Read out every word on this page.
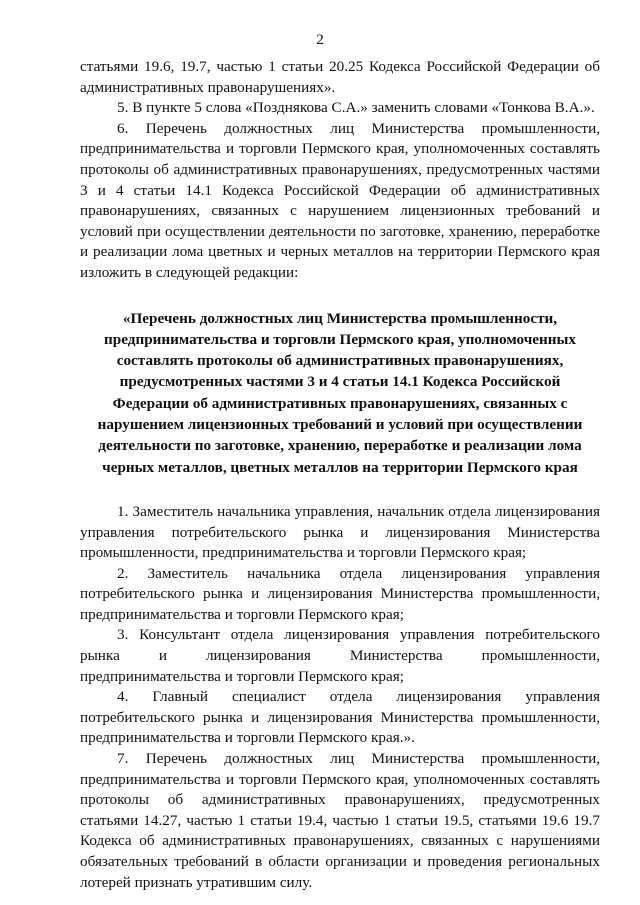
2

статьями 19.6, 19.7, частью 1 статьи 20.25 Кодекса Российской Федерации об административных правонарушениях».

5. В пункте 5 слова «Позднякова С.А.» заменить словами «Тонкова В.А.».

6. Перечень должностных лиц Министерства промышленности, предпринимательства и торговли Пермского края, уполномоченных составлять протоколы об административных правонарушениях, предусмотренных частями 3 и 4 статьи 14.1 Кодекса Российской Федерации об административных правонарушениях, связанных с нарушением лицензионных требований и условий при осуществлении деятельности по заготовке, хранению, переработке и реализации лома цветных и черных металлов на территории Пермского края изложить в следующей редакции:

«Перечень должностных лиц Министерства промышленности,
предпринимательства и торговли Пермского края, уполномоченных
составлять протоколы об административных правонарушениях,
предусмотренных частями 3 и 4 статьи 14.1 Кодекса Российской
Федерации об административных правонарушениях, связанных с
нарушением лицензионных требований и условий при осуществлении
деятельности по заготовке, хранению, переработке и реализации лома
черных металлов, цветных металлов на территории Пермского края

1. Заместитель начальника управления, начальник отдела лицензирования управления потребительского рынка и лицензирования Министерства промышленности, предпринимательства и торговли Пермского края;

2. Заместитель начальника отдела лицензирования управления потребительского рынка и лицензирования Министерства промышленности, предпринимательства и торговли Пермского края;

3. Консультант отдела лицензирования управления потребительского рынка и лицензирования Министерства промышленности, предпринимательства и торговли Пермского края;

4. Главный специалист отдела лицензирования управления потребительского рынка и лицензирования Министерства промышленности, предпринимательства и торговли Пермского края.».

7. Перечень должностных лиц Министерства промышленности, предпринимательства и торговли Пермского края, уполномоченных составлять протоколы об административных правонарушениях, предусмотренных статьями 14.27, частью 1 статьи 19.4, частью 1 статьи 19.5, статьями 19.6 19.7 Кодекса об административных правонарушениях, связанных с нарушениями обязательных требований в области организации и проведения региональных лотерей признать утратившим силу.
